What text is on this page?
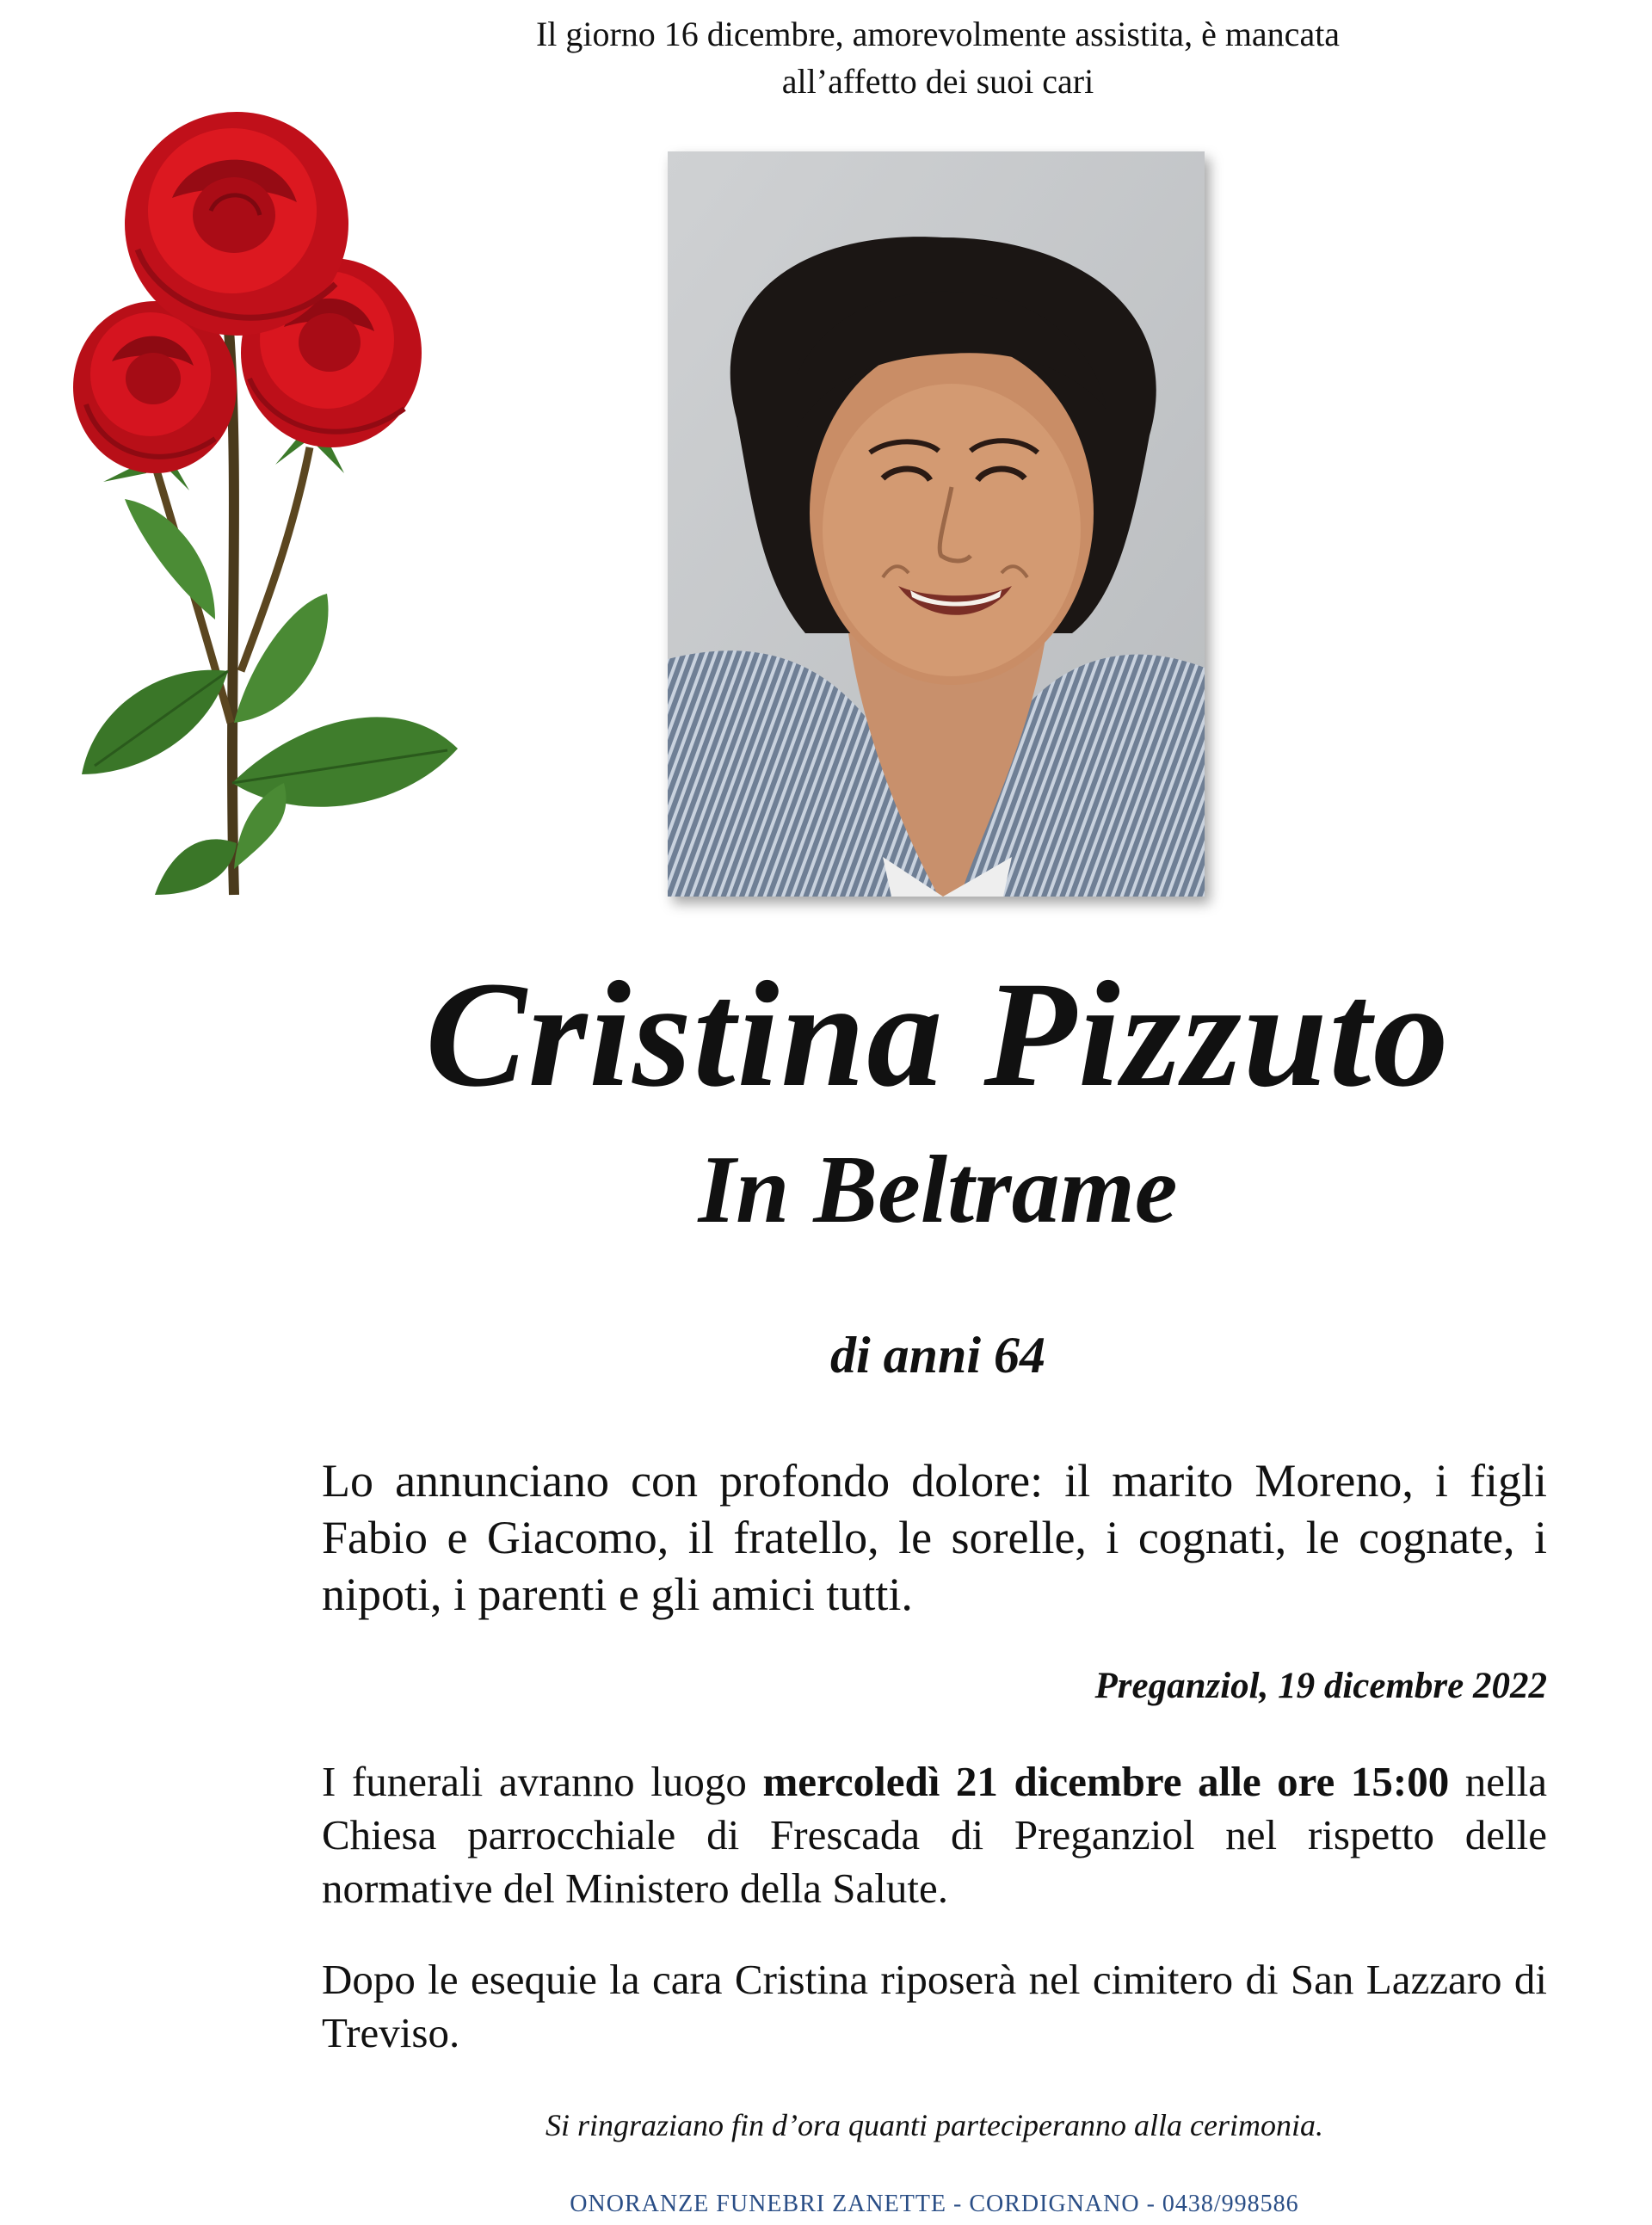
Il giorno 16 dicembre, amorevolmente assistita, è mancata
all’affetto dei suoi cari
Cristina Pizzuto
In Beltrame
di anni 64
Lo annunciano con profondo dolore: il marito Moreno, i figli Fabio e Giacomo, il fratello, le sorelle, i cognati, le cognate, i nipoti, i parenti e gli amici tutti.
Preganziol, 19 dicembre 2022
I funerali avranno luogo mercoledì 21 dicembre alle ore 15:00 nella Chiesa parrocchiale di Frescada di Preganziol nel rispetto delle normative del Ministero della Salute.
Dopo le esequie la cara Cristina riposerà nel cimitero di San Lazzaro di Treviso.
Si ringraziano fin d’ora quanti parteciperanno alla cerimonia.
ONORANZE FUNEBRI ZANETTE - CORDIGNANO - 0438/998586
